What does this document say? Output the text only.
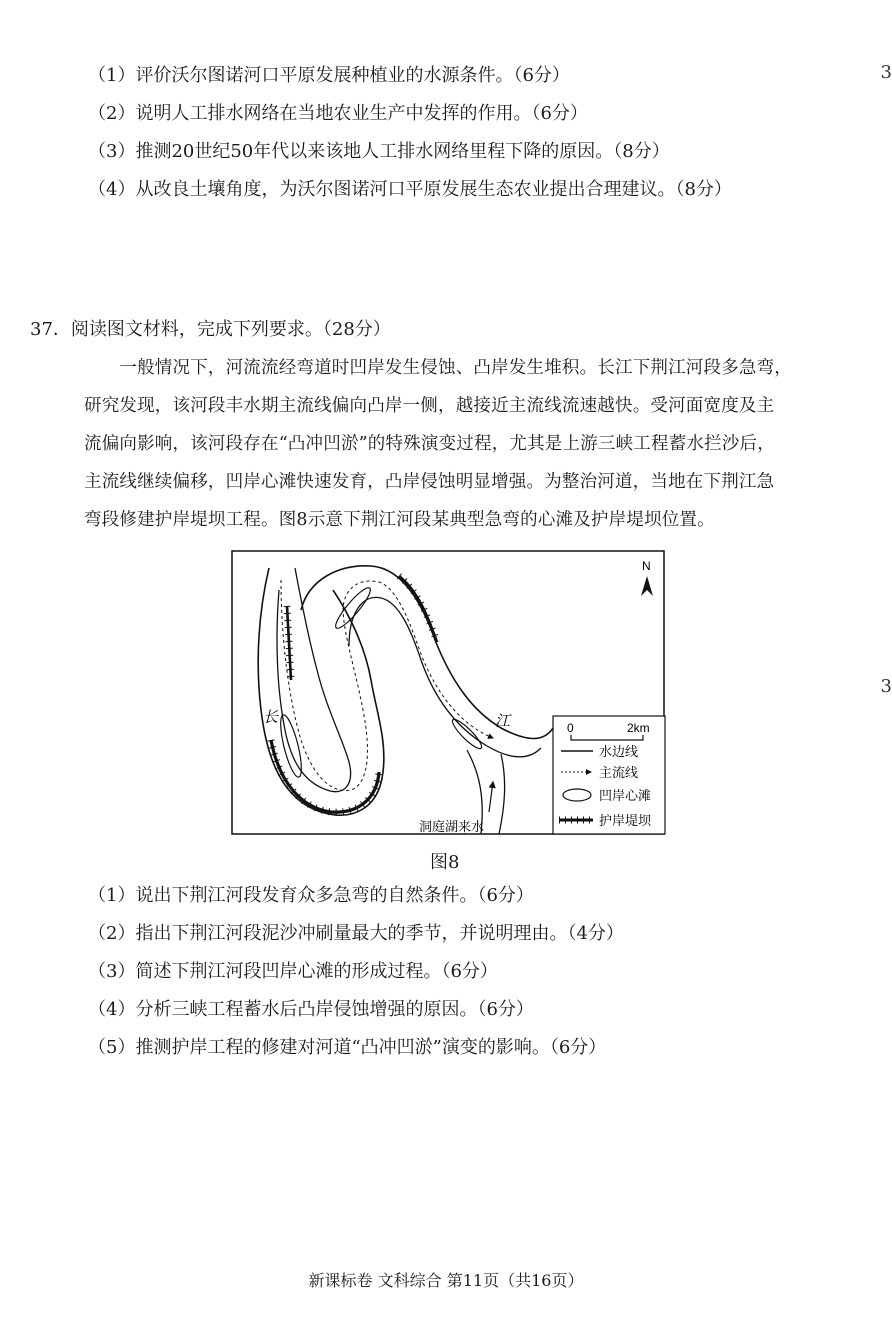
（1）评价沃尔图诺河口平原发展种植业的水源条件。（6分）
（2）说明人工排水网络在当地农业生产中发挥的作用。（6分）
（3）推测20世纪50年代以来该地人工排水网络里程下降的原因。（8分）
（4）从改良土壤角度，为沃尔图诺河口平原发展生态农业提出合理建议。（8分）
3
3
37．阅读图文材料，完成下列要求。（28分）
　　一般情况下，河流流经弯道时凹岸发生侵蚀、凸岸发生堆积。长江下荆江河段多急弯，
研究发现，该河段丰水期主流线偏向凸岸一侧，越接近主流线流速越快。受河面宽度及主
流偏向影响，该河段存在“凸冲凹淤”的特殊演变过程，尤其是上游三峡工程蓄水拦沙后，
主流线继续偏移，凹岸心滩快速发育，凸岸侵蚀明显增强。为整治河道，当地在下荆江急
弯段修建护岸堤坝工程。图8示意下荆江河段某典型急弯的心滩及护岸堤坝位置。
N
长	江
洞庭湖来水
0	2km
水边线
主流线
凹岸心滩
护岸堤坝
图8
（1）说出下荆江河段发育众多急弯的自然条件。（6分）
（2）指出下荆江河段泥沙冲刷量最大的季节，并说明理由。（4分）
（3）简述下荆江河段凹岸心滩的形成过程。（6分）
（4）分析三峡工程蓄水后凸岸侵蚀增强的原因。（6分）
（5）推测护岸工程的修建对河道“凸冲凹淤”演变的影响。（6分）
新课标卷 文科综合 第11页（共16页）
